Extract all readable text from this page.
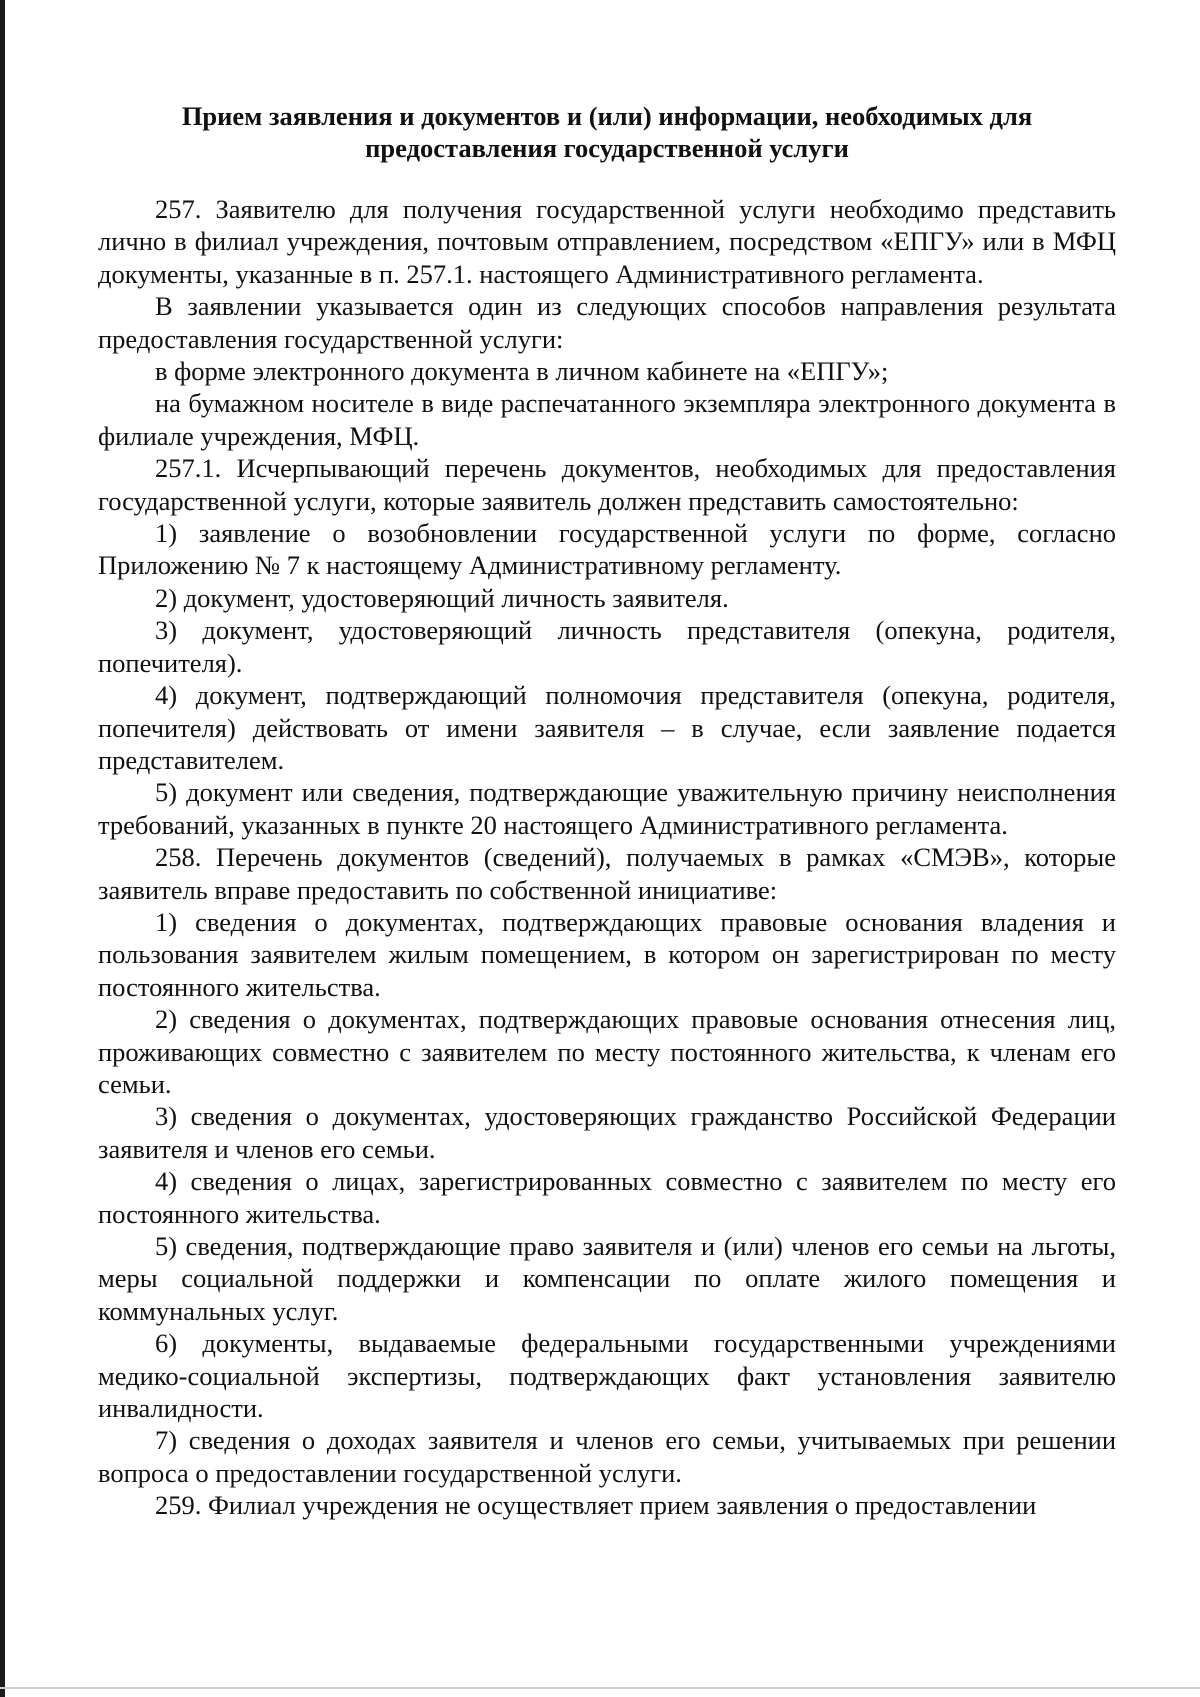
Прием заявления и документов и (или) информации, необходимых для
предоставления государственной услуги

257. Заявителю для получения государственной услуги необходимо представить лично в филиал учреждения, почтовым отправлением, посредством «ЕПГУ» или в МФЦ документы, указанные в п. 257.1. настоящего Административного регламента.

В заявлении указывается один из следующих способов направления результата предоставления государственной услуги:

в форме электронного документа в личном кабинете на «ЕПГУ»;

на бумажном носителе в виде распечатанного экземпляра электронного документа в филиале учреждения, МФЦ.

257.1. Исчерпывающий перечень документов, необходимых для предоставления государственной услуги, которые заявитель должен представить самостоятельно:

1) заявление о возобновлении государственной услуги по форме, согласно Приложению № 7 к настоящему Административному регламенту.

2) документ, удостоверяющий личность заявителя.

3) документ, удостоверяющий личность представителя (опекуна, родителя, попечителя).

4) документ, подтверждающий полномочия представителя (опекуна, родителя, попечителя) действовать от имени заявителя – в случае, если заявление подается представителем.

5) документ или сведения, подтверждающие уважительную причину неисполнения требований, указанных в пункте 20 настоящего Административного регламента.

258. Перечень документов (сведений), получаемых в рамках «СМЭВ», которые заявитель вправе предоставить по собственной инициативе:

1) сведения о документах, подтверждающих правовые основания владения и пользования заявителем жилым помещением, в котором он зарегистрирован по месту постоянного жительства.

2) сведения о документах, подтверждающих правовые основания отнесения лиц, проживающих совместно с заявителем по месту постоянного жительства, к членам его семьи.

3) сведения о документах, удостоверяющих гражданство Российской Федерации заявителя и членов его семьи.

4) сведения о лицах, зарегистрированных совместно с заявителем по месту его постоянного жительства.

5) сведения, подтверждающие право заявителя и (или) членов его семьи на льготы, меры социальной поддержки и компенсации по оплате жилого помещения и коммунальных услуг.

6) документы, выдаваемые федеральными государственными учреждениями медико-социальной экспертизы, подтверждающих факт установления заявителю инвалидности.

7) сведения о доходах заявителя и членов его семьи, учитываемых при решении вопроса о предоставлении государственной услуги.

259. Филиал учреждения не осуществляет прием заявления о предоставлении
